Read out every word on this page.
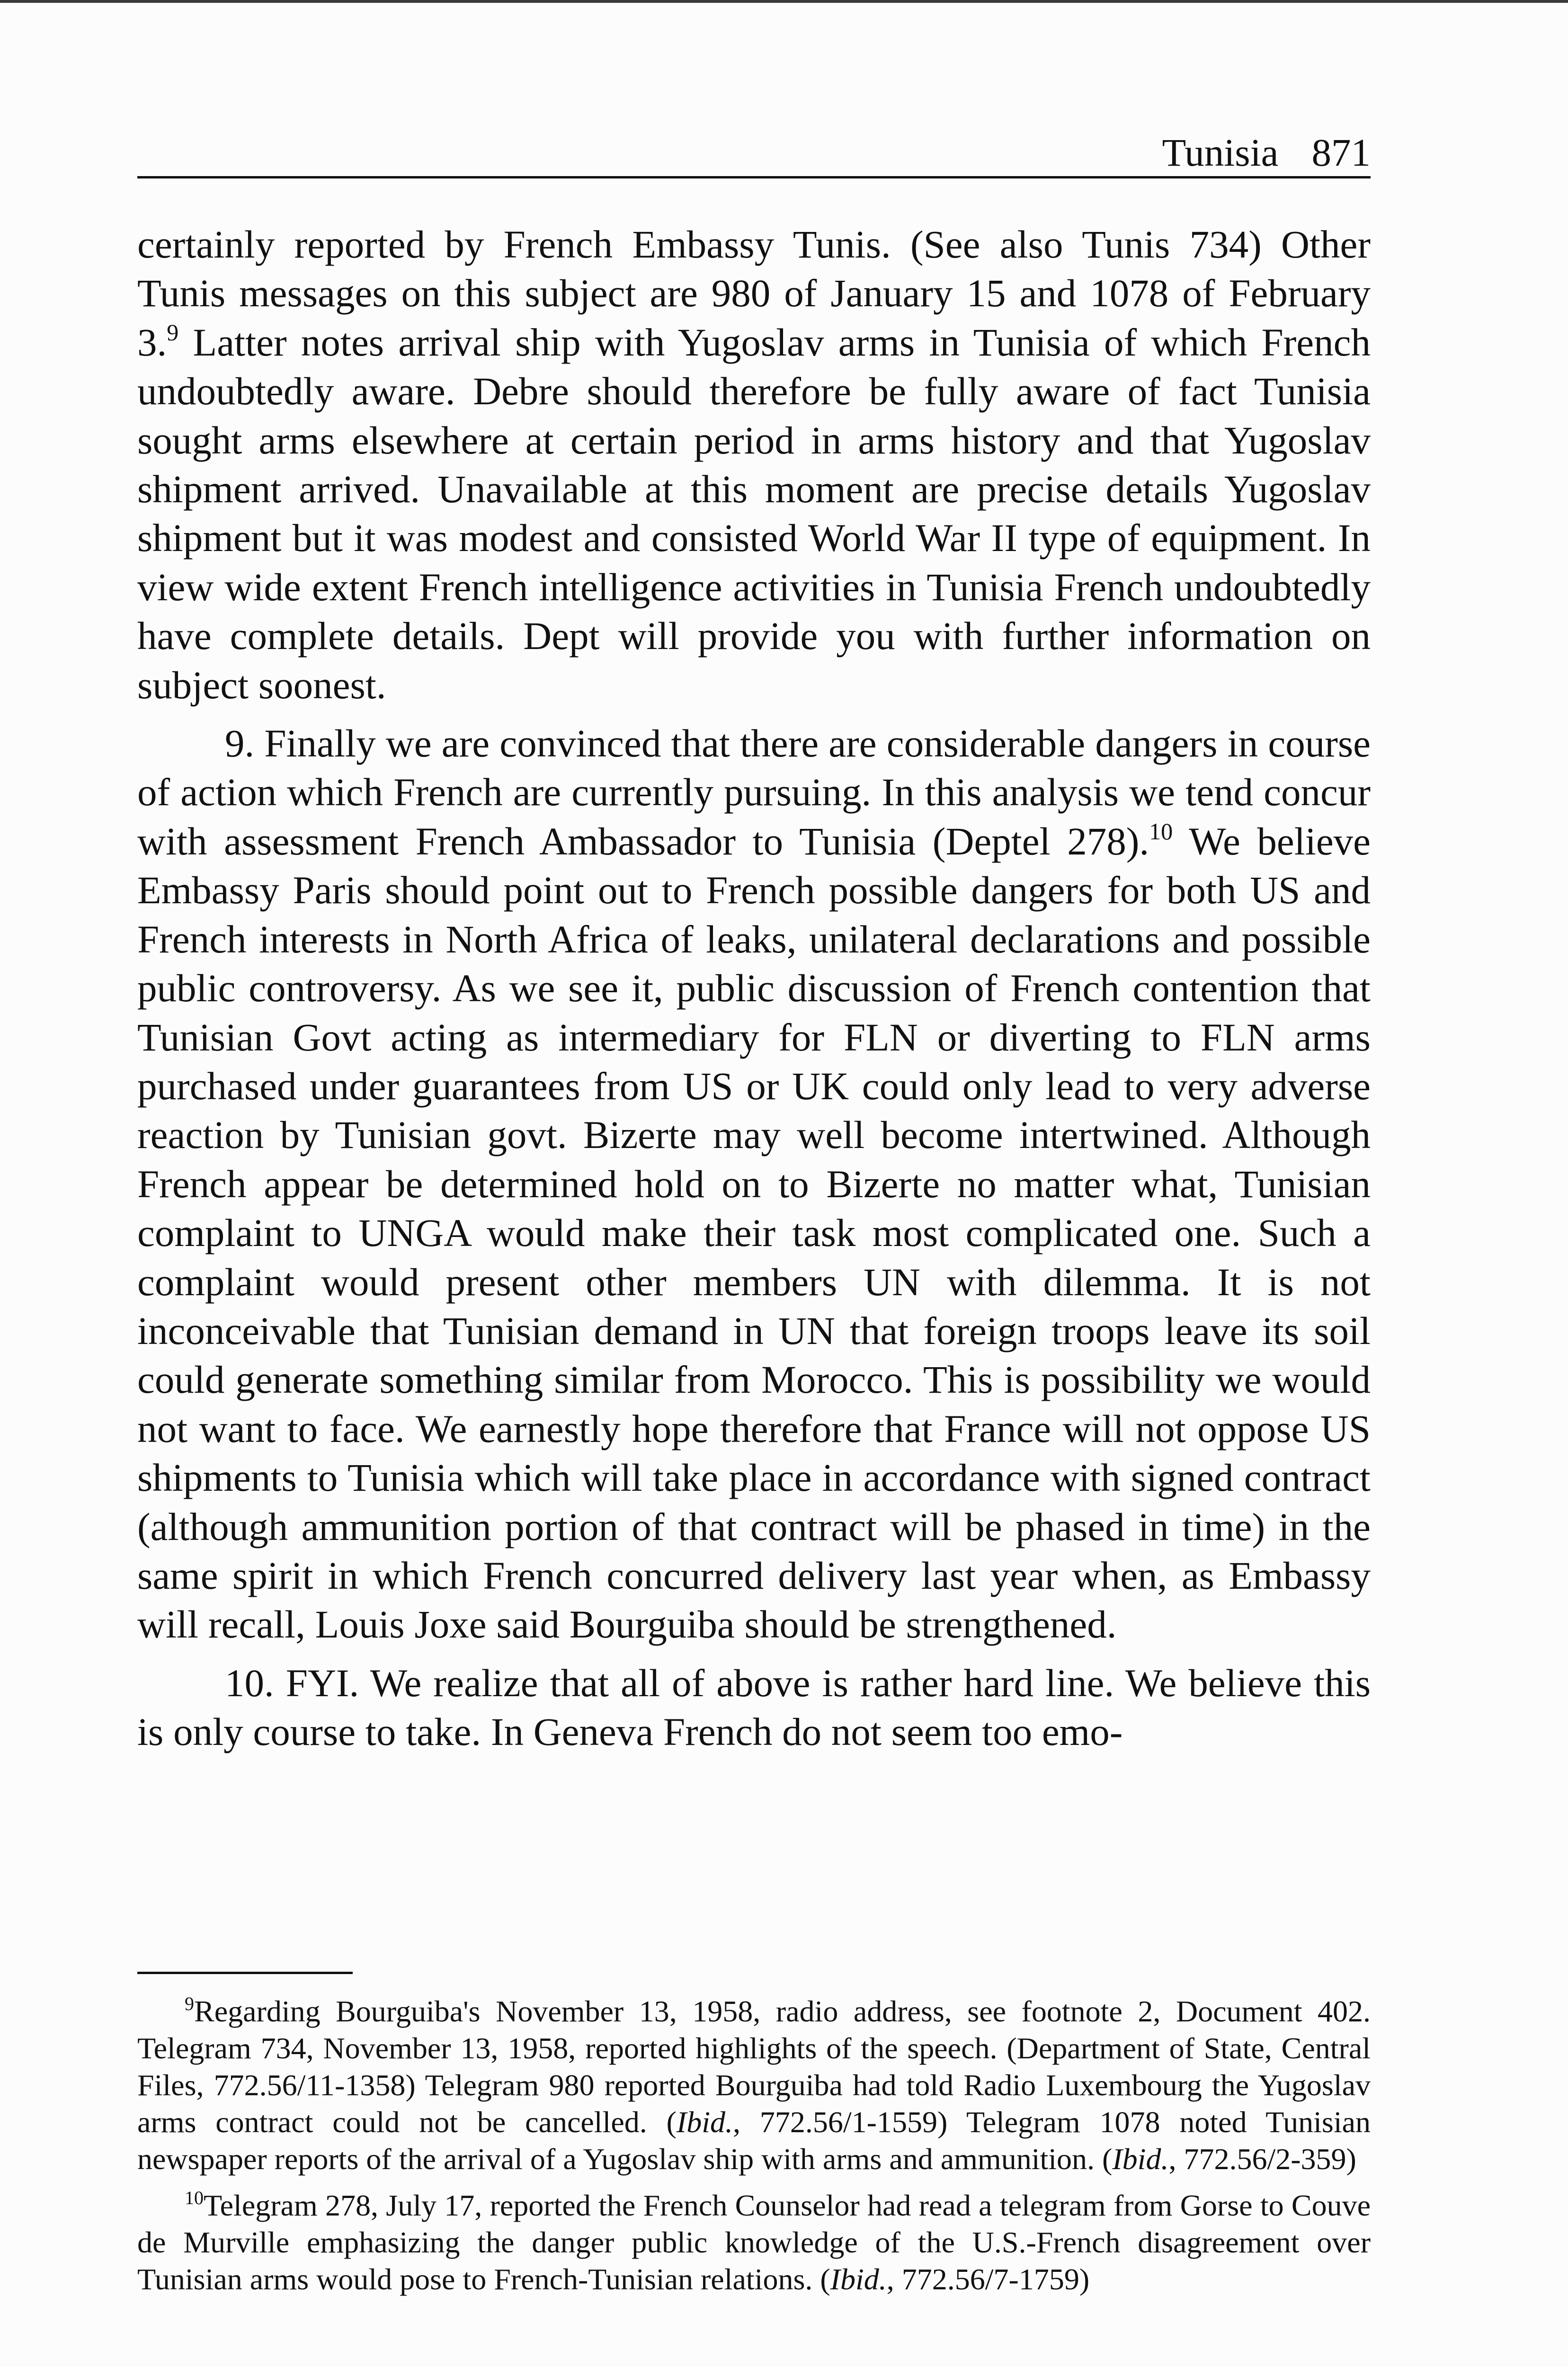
Tunisia 871

certainly reported by French Embassy Tunis. (See also Tunis 734) Other Tunis messages on this subject are 980 of January 15 and 1078 of February 3.$^9$ Latter notes arrival ship with Yugoslav arms in Tunisia of which French undoubtedly aware. Debre should therefore be fully aware of fact Tunisia sought arms elsewhere at certain period in arms history and that Yugoslav shipment arrived. Unavailable at this moment are precise details Yugoslav shipment but it was modest and consisted World War II type of equipment. In view wide extent French intelligence activities in Tunisia French undoubtedly have complete details. Dept will provide you with further information on subject soonest.

9. Finally we are convinced that there are considerable dangers in course of action which French are currently pursuing. In this analysis we tend concur with assessment French Ambassador to Tunisia (Deptel 278).$^{10}$ We believe Embassy Paris should point out to French possible dangers for both US and French interests in North Africa of leaks, unilateral declarations and possible public controversy. As we see it, public discussion of French contention that Tunisian Govt acting as intermediary for FLN or diverting to FLN arms purchased under guarantees from US or UK could only lead to very adverse reaction by Tunisian govt. Bizerte may well become intertwined. Although French appear be determined hold on to Bizerte no matter what, Tunisian complaint to UNGA would make their task most complicated one. Such a complaint would present other members UN with dilemma. It is not inconceivable that Tunisian demand in UN that foreign troops leave its soil could generate something similar from Morocco. This is possibility we would not want to face. We earnestly hope therefore that France will not oppose US shipments to Tunisia which will take place in accordance with signed contract (although ammunition portion of that contract will be phased in time) in the same spirit in which French concurred delivery last year when, as Embassy will recall, Louis Joxe said Bourguiba should be strengthened.

10. FYI. We realize that all of above is rather hard line. We believe this is only course to take. In Geneva French do not seem too emo-

$^9$Regarding Bourguiba's November 13, 1958, radio address, see footnote 2, Document 402. Telegram 734, November 13, 1958, reported highlights of the speech. (Department of State, Central Files, 772.56/11-1358) Telegram 980 reported Bourguiba had told Radio Luxembourg the Yugoslav arms contract could not be cancelled. (Ibid., 772.56/1-1559) Telegram 1078 noted Tunisian newspaper reports of the arrival of a Yugoslav ship with arms and ammunition. (Ibid., 772.56/2-359)

$^{10}$Telegram 278, July 17, reported the French Counselor had read a telegram from Gorse to Couve de Murville emphasizing the danger public knowledge of the U.S.-French disagreement over Tunisian arms would pose to French-Tunisian relations. (Ibid., 772.56/7-1759)
